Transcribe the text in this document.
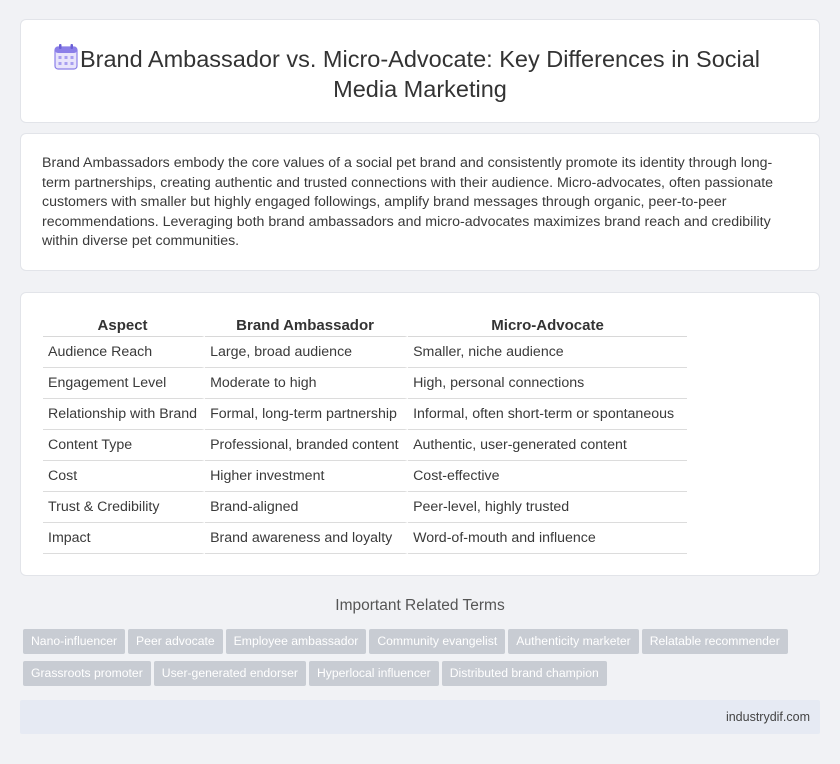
Brand Ambassador vs. Micro-Advocate: Key Differences in Social
Media Marketing

Brand Ambassadors embody the core values of a social pet brand and consistently promote its identity through long-term partnerships, creating authentic and trusted connections with their audience. Micro-advocates, often passionate customers with smaller but highly engaged followings, amplify brand messages through organic, peer-to-peer recommendations. Leveraging both brand ambassadors and micro-advocates maximizes brand reach and credibility within diverse pet communities.

Aspect	Brand Ambassador	Micro-Advocate
Audience Reach	Large, broad audience	Smaller, niche audience
Engagement Level	Moderate to high	High, personal connections
Relationship with Brand	Formal, long-term partnership	Informal, often short-term or spontaneous
Content Type	Professional, branded content	Authentic, user-generated content
Cost	Higher investment	Cost-effective
Trust & Credibility	Brand-aligned	Peer-level, highly trusted
Impact	Brand awareness and loyalty	Word-of-mouth and influence
Important Related Terms
Nano-influencer Peer advocate Employee ambassador Community evangelist Authenticity marketer Relatable recommender
Grassroots promoter User-generated endorser Hyperlocal influencer Distributed brand champion
industrydif.com
